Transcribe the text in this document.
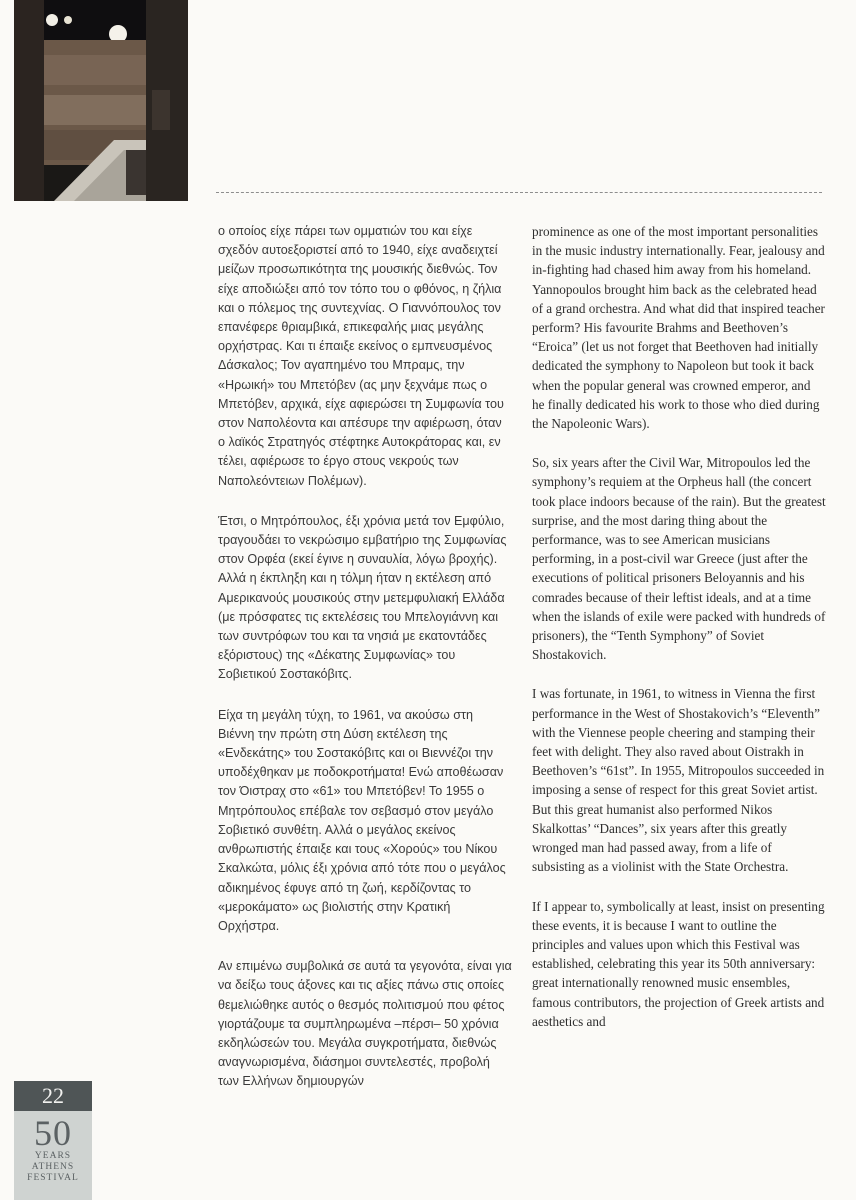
ο οποίος είχε πάρει των ομματιών του και είχε σχεδόν αυτοεξοριστεί από το 1940, είχε αναδειχτεί μείζων προσωπικότητα της μουσικής διεθνώς. Τον είχε αποδιώξει από τον τόπο του ο φθόνος, η ζήλια και ο πόλεμος της συντεχνίας. Ο Γιαννόπουλος τον επανέφερε θριαμβικά, επικεφαλής μιας μεγάλης ορχήστρας. Και τι έπαιξε εκείνος ο εμπνευσμένος Δάσκαλος; Τον αγαπημένο του Μπραμς, την «Ηρωική» του Μπετόβεν (ας μην ξεχνάμε πως ο Μπετόβεν, αρχικά, είχε αφιερώσει τη Συμφωνία του στον Ναπολέοντα και απέσυρε την αφιέρωση, όταν ο λαϊκός Στρατηγός στέφτηκε Αυτοκράτορας και, εν τέλει, αφιέρωσε το έργο στους νεκρούς των Ναπολεόντειων Πολέμων).

Έτσι, ο Μητρόπουλος, έξι χρόνια μετά τον Εμφύλιο, τραγουδάει το νεκρώσιμο εμβατήριο της Συμφωνίας στον Ορφέα (εκεί έγινε η συναυλία, λόγω βροχής). Αλλά η έκπληξη και η τόλμη ήταν η εκτέλεση από Αμερικανούς μουσικούς στην μετεμφυλιακή Ελλάδα (με πρόσφατες τις εκτελέσεις του Μπελογιάννη και των συντρόφων του και τα νησιά με εκατοντάδες εξόριστους) της «Δέκατης Συμφωνίας» του Σοβιετικού Σοστακόβιτς.

Είχα τη μεγάλη τύχη, το 1961, να ακούσω στη Βιέννη την πρώτη στη Δύση εκτέλεση της «Ενδεκάτης» του Σοστακόβιτς και οι Βιεννέζοι την υποδέχθηκαν με ποδοκροτήματα! Ενώ αποθέωσαν τον Όιστραχ στο «61» του Μπετόβεν! Το 1955 ο Μητρόπουλος επέβαλε τον σεβασμό στον μεγάλο Σοβιετικό συνθέτη. Αλλά ο μεγάλος εκείνος ανθρωπιστής έπαιξε και τους «Χορούς» του Νίκου Σκαλκώτα, μόλις έξι χρόνια από τότε που ο μεγάλος αδικημένος έφυγε από τη ζωή, κερδίζοντας το «μεροκάματο» ως βιολιστής στην Κρατική Ορχήστρα.

Αν επιμένω συμβολικά σε αυτά τα γεγονότα, είναι για να δείξω τους άξονες και τις αξίες πάνω στις οποίες θεμελιώθηκε αυτός ο θεσμός πολιτισμού που φέτος γιορτάζουμε τα συμπληρωμένα –πέρσι– 50 χρόνια εκδηλώσεών του. Μεγάλα συγκροτήματα, διεθνώς αναγνωρισμένα, διάσημοι συντελεστές, προβολή των Ελλήνων δημιουργών

prominence as one of the most important personalities in the music industry internationally. Fear, jealousy and in-fighting had chased him away from his homeland. Yannopoulos brought him back as the celebrated head of a grand orchestra. And what did that inspired teacher perform? His favourite Brahms and Beethoven’s “Eroica” (let us not forget that Beethoven had initially dedicated the symphony to Napoleon but took it back when the popular general was crowned emperor, and he finally dedicated his work to those who died during the Napoleonic Wars).

So, six years after the Civil War, Mitropoulos led the symphony’s requiem at the Orpheus hall (the concert took place indoors because of the rain). But the greatest surprise, and the most daring thing about the performance, was to see American musicians performing, in a post-civil war Greece (just after the executions of political prisoners Beloyannis and his comrades because of their leftist ideals, and at a time when the islands of exile were packed with hundreds of prisoners), the “Tenth Symphony” of Soviet Shostakovich.

I was fortunate, in 1961, to witness in Vienna the first performance in the West of Shostakovich’s “Eleventh” with the Viennese people cheering and stamping their feet with delight. They also raved about Oistrakh in Beethoven’s “61st”. In 1955, Mitropoulos succeeded in imposing a sense of respect for this great Soviet artist. But this great humanist also performed Nikos Skalkottas’ “Dances”, six years after this greatly wronged man had passed away, from a life of subsisting as a violinist with the State Orchestra.

If I appear to, symbolically at least, insist on presenting these events, it is because I want to outline the principles and values upon which this Festival was established, celebrating this year its 50th anniversary: great internationally renowned music ensembles, famous contributors, the projection of Greek artists and aesthetics and

22
50
YEARS
ATHENS
FESTIVAL
